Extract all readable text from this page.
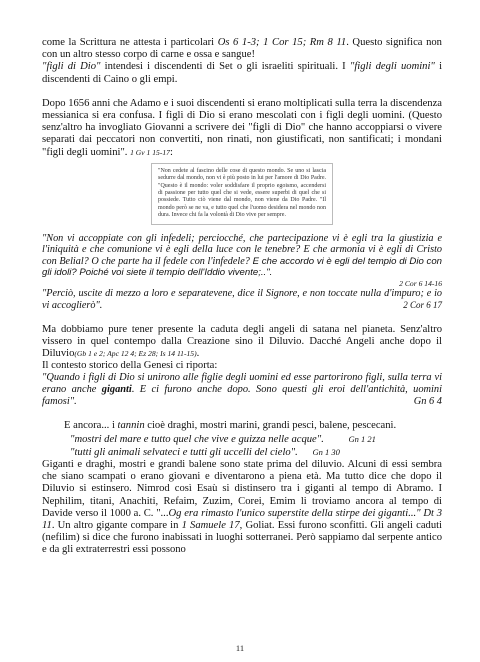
come la Scrittura ne attesta i particolari Os 6 1-3; 1 Cor 15; Rm 8 11. Questo significa non con un altro stesso corpo di carne e ossa e sangue!

"figli di Dio" intendesi i discendenti di Set o gli israeliti spirituali. I "figli degli uomini" i discendenti di Caino o gli empi.

Dopo 1656 anni che Adamo e i suoi discendenti si erano moltiplicati sulla terra la discendenza messianica si era confusa. I figli di Dio si erano mescolati con i figli degli uomini. (Questo senz'altro ha invogliato Giovanni a scrivere dei "figli di Dio" che hanno accoppiarsi o vivere separati dai peccatori non convertiti, non rinati, non giustificati, non santificati; i mondani "figli degli uomini". 1 Gv 1 15-17:

"Non cedete al fascino delle cose di questo mondo. Se uno si lascia sedurre dal mondo, non vi è più posto in lui per l'amore di Dio Padre. "Questo è il mondo: voler soddisfare il proprio egoismo, accendersi di passione per tutto quel che si vede, essere superbi di quel che si possiede. Tutto ciò viene dal mondo, non viene da Dio Padre. "Il mondo però se ne va, e tutto quel che l'uomo desidera nel mondo non dura. Invece chi fa la volontà di Dio vive per sempre.

"Non vi accoppiate con gli infedeli; perciocché, che partecipazione vi è egli tra la giustizia e l'iniquità e che comunione vi è egli della luce con le tenebre? E che armonia vi è egli di Cristo con Belial? O che parte ha il fedele con l'infedele? E che accordo vi è egli del tempio di Dio con gli idoli? Poiché voi siete il tempio dell'Iddio vivente;..".

2 Cor 6 14-16

"Perciò, uscite di mezzo a loro e separatevene, dice il Signore, e non toccate nulla d'impuro; e io vi accoglierò".	2 Cor 6 17

Ma dobbiamo pure tener presente la caduta degli angeli di satana nel pianeta. Senz'altro vissero in quel contempo dalla Creazione sino il Diluvio. Dacché Angeli anche dopo il Diluvio(Gb 1 e 2; Apc 12 4; Ez 28; Is 14 11-15).
Il contesto storico della Genesi ci riporta:

"Quando i figli di Dio si unirono alle figlie degli uomini ed esse partorirono figli, sulla terra vi erano anche giganti. E ci furono anche dopo. Sono questi gli eroi dell'antichità, uomini famosi".	Gn 6 4

E ancora... i tannin cioè draghi, mostri marini, grandi pesci, balene, pescecani.

"mostri del mare e tutto quel che vive e guizza nelle acque".	Gn 1 21

"tutti gli animali selvateci e tutti gli uccelli del cielo". Gn 1 30

Giganti e draghi, mostri e grandi balene sono state prima del diluvio. Alcuni di essi sembra che siano scampati o erano giovani e diventarono a piena età. Ma tutto dice che dopo il Diluvio si estinsero. Nimrod così Esaù si distinsero tra i giganti al tempo di Abramo. I Nephilim, titani, Anachiti, Refaim, Zuzim, Corei, Emim li troviamo ancora al tempo di Davide verso il 1000 a. C. "...Og era rimasto l'unico superstite della stirpe dei giganti..." Dt 3 11. Un altro gigante compare in 1 Samuele 17, Goliat. Essi furono sconfitti. Gli angeli caduti (nefilim) si dice che furono inabissati in luoghi sotterranei. Però sappiamo dal serpente antico e da gli extraterrestri essi possono

11
